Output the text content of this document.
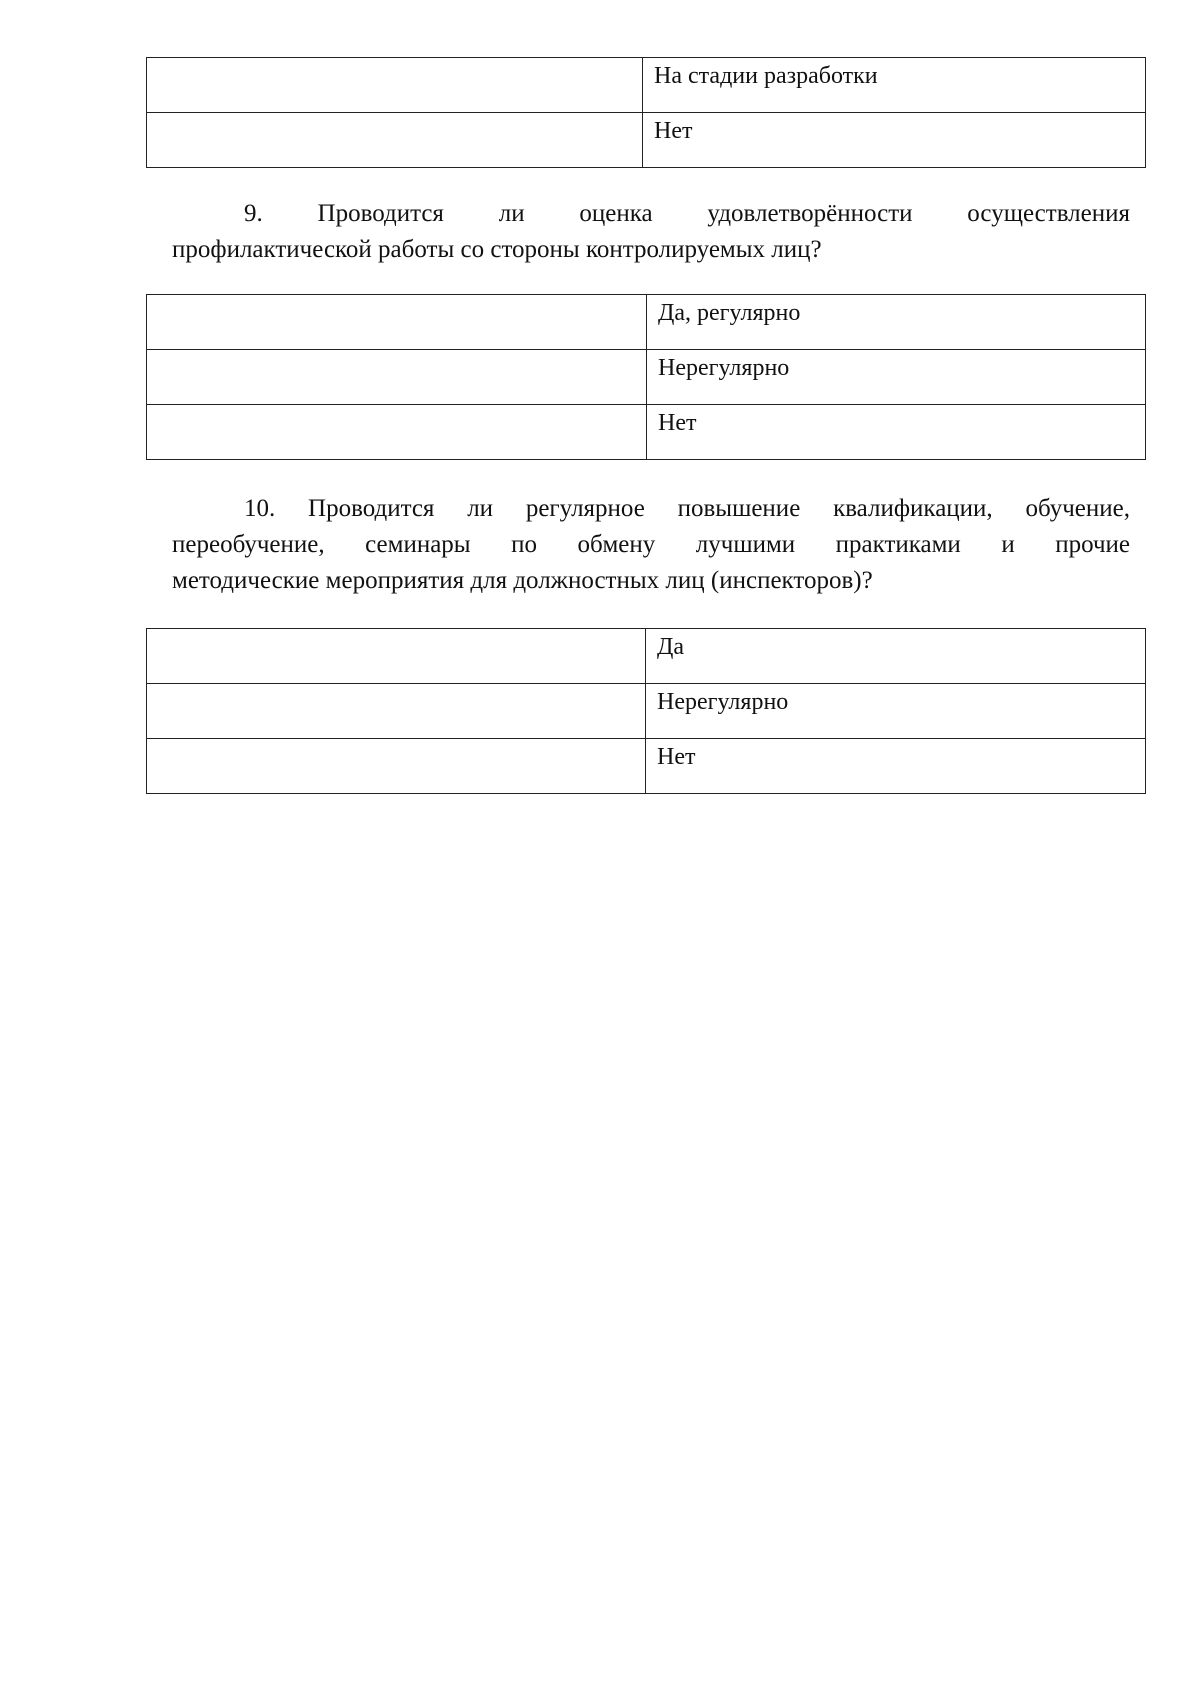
	На стадии разработки
	Нет
9. Проводится ли оценка удовлетворённости осуществления
профилактической работы со стороны контролируемых лиц?
	Да, регулярно
	Нерегулярно
	Нет
10. Проводится ли регулярное повышение квалификации, обучение,
переобучение, семинары по обмену лучшими практиками и прочие
методические мероприятия для должностных лиц (инспекторов)?
	Да
	Нерегулярно
	Нет
